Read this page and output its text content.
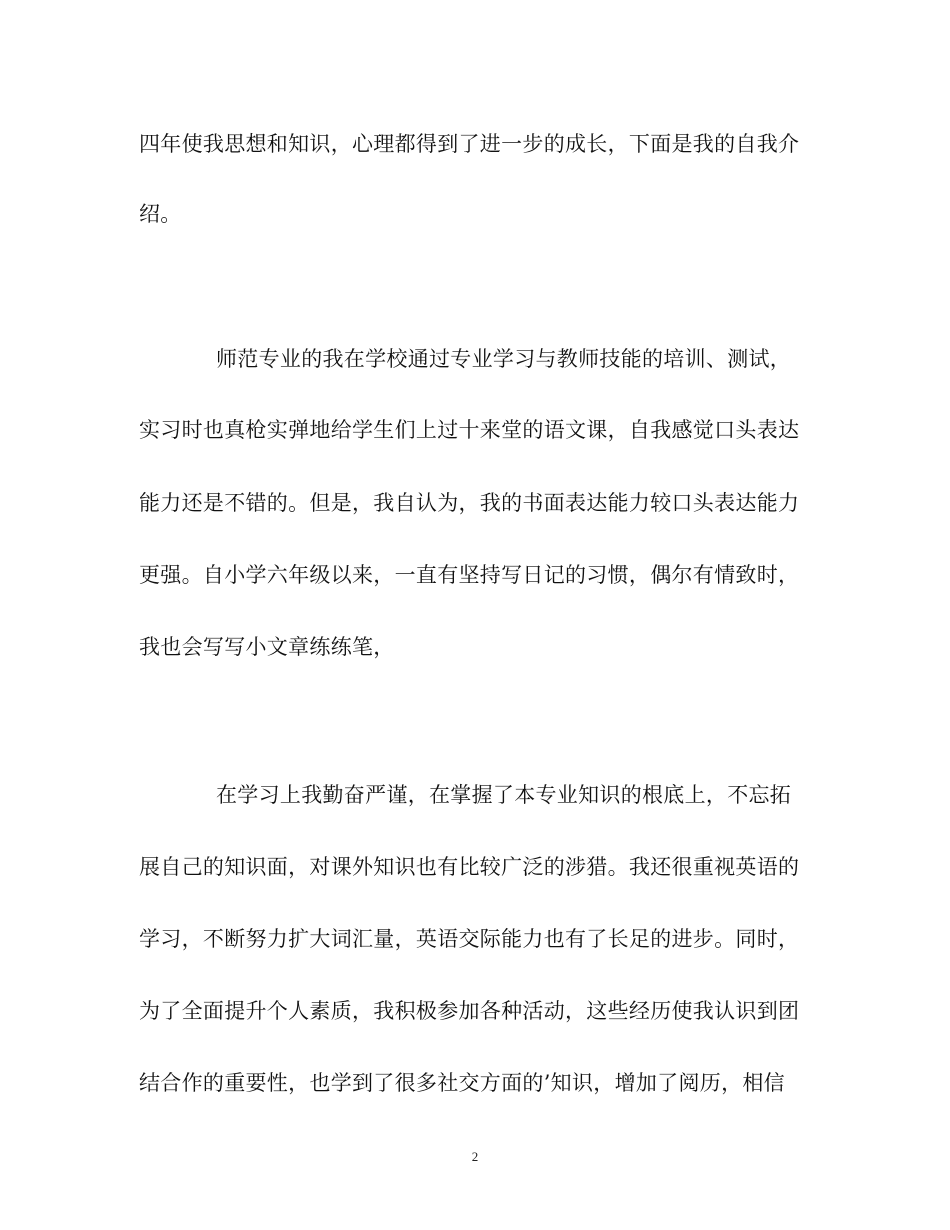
四年使我思想和知识，心理都得到了进一步的成长，下面是我的自我介
绍。
师范专业的我在学校通过专业学习与教师技能的培训、测试，
实习时也真枪实弹地给学生们上过十来堂的语文课，自我感觉口头表达
能力还是不错的。但是，我自认为，我的书面表达能力较口头表达能力
更强。自小学六年级以来，一直有坚持写日记的习惯，偶尔有情致时，
我也会写写小文章练练笔，
在学习上我勤奋严谨，在掌握了本专业知识的根底上，不忘拓
展自己的知识面，对课外知识也有比较广泛的涉猎。我还很重视英语的
学习，不断努力扩大词汇量，英语交际能力也有了长足的进步。同时，
为了全面提升个人素质，我积极参加各种活动，这些经历使我认识到团
结合作的重要性，也学到了很多社交方面的’知识，增加了阅历，相信
2
